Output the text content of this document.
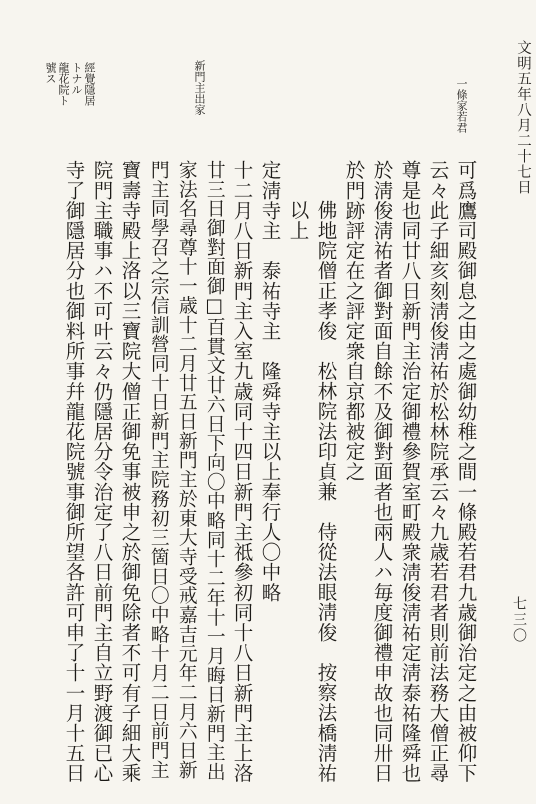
文明五年八月二十七日
七三〇
一條家若君
新門主出家
經覺隱居
トナル
龍花院ト
號ス
可爲鷹司殿御息之由之處御幼稚之間一條殿若君九歳御治定之由被仰下
云々此子細亥刻淸俊淸祐於松林院承云々九歳若君者則前法務大僧正尋
尊是也同廿八日新門主治定御禮參賀室町殿衆淸俊淸祐定淸泰祐隆舜也
於淸俊淸祐者御對面自餘不及御對面者也兩人ハ毎度御禮申故也同卅日
於門跡評定在之評定衆自京都被定之
佛地院僧正孝俊　松林院法印貞兼　侍從法眼淸俊　按察法橋淸祐
以上
定淸寺主　泰祐寺主　隆舜寺主以上奉行人〇中略
十二月八日新門主入室九歳同十四日新門主祗參初同十八日新門主上洛
廿三日御對面御□百貫文廿六日下向〇中略同十二年十一月晦日新門主出
家法名尋尊十一歳十二月廿五日新門主於東大寺受戒嘉吉元年二月六日新
門主同學召之宗信訓營同十日新門主院務初三箇日〇中略十月二日前門主
寶壽寺殿上洛以三寶院大僧正御免事被申之於御免除者不可有子細大乘
院門主職事ハ不可叶云々仍隱居分令治定了八日前門主自立野渡御已心
寺了御隱居分也御料所事幷龍花院號事御所望各許可申了十一月十五日
